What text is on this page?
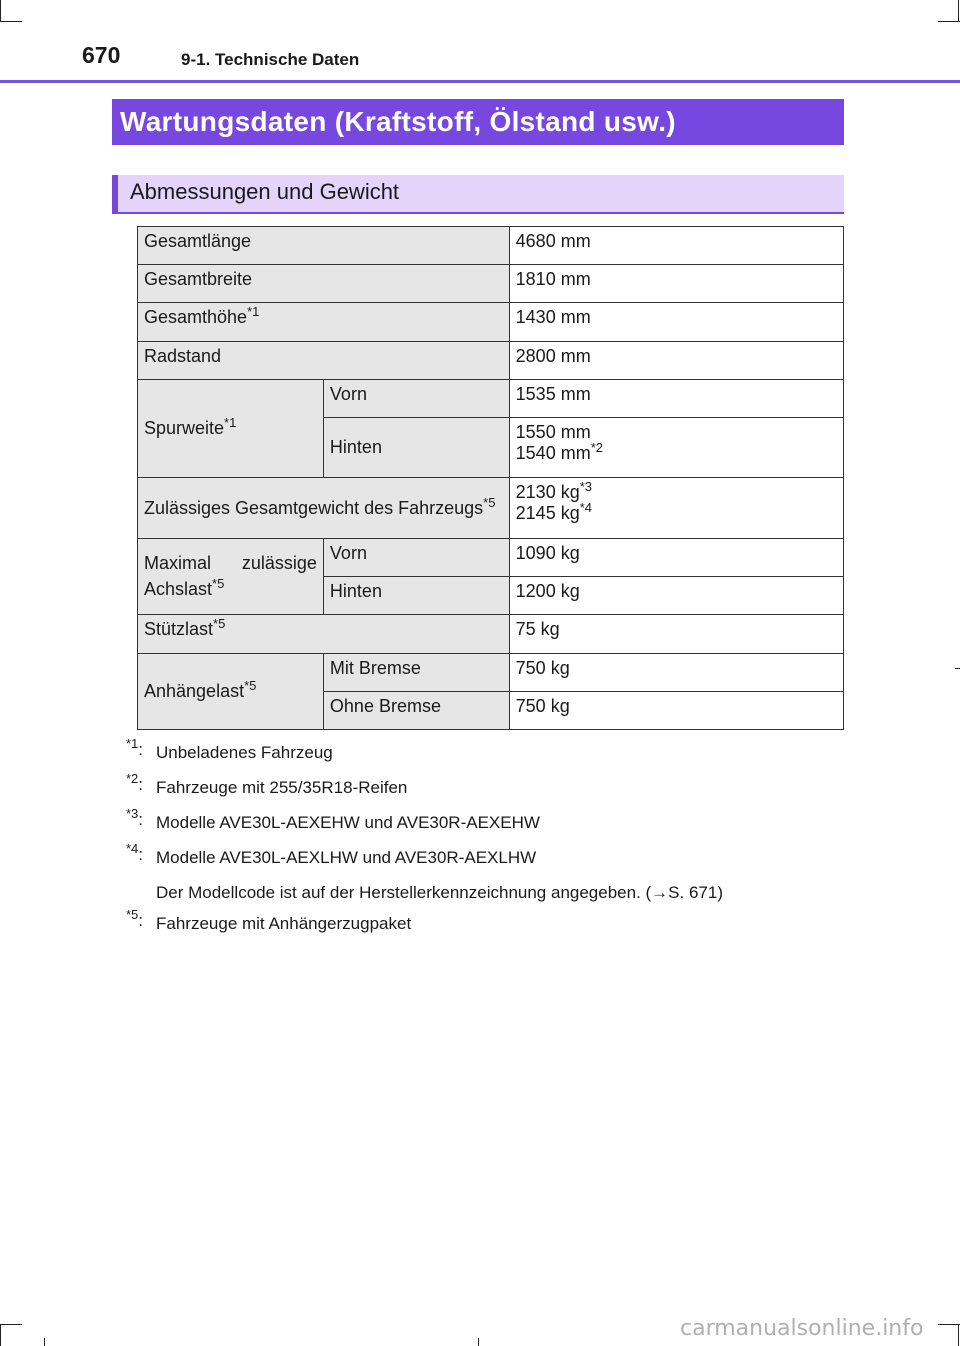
670	9-1. Technische Daten
Wartungsdaten (Kraftstoff, Ölstand usw.)
Abmessungen und Gewicht
Gesamtlänge		4680 mm
Gesamtbreite		1810 mm
Gesamthöhe$^{*1}$		1430 mm
Radstand		2800 mm
Spurweite$^{*1}$	Vorn	1535 mm
	Hinten	1550 mm
1540 $mm^{*2}$

Zulässiges Gesamtgewicht des Fahrzeugs$^{*5}$		2130 $kg^{*3}$
2145 $kg^{*4}$

Maximal zulässige
Achslast$^{*5}$	Vorn	1090 kg
	Hinten	1200 kg
Stützlast$^{*5}$		75 kg
Anhängelast$^{*5}$	Mit Bremse	750 kg
	Ohne Bremse	750 kg
$^{*1}$: Unbeladenes Fahrzeug
$^{*2}$: Fahrzeuge mit 255/35R18-Reifen
$^{*3}$: Modelle AVE30L-AEXEHW und AVE30R-AEXEHW
$^{*4}$: Modelle AVE30L-AEXLHW und AVE30R-AEXLHW
Der Modellcode ist auf der Herstellerkennzeichnung angegeben. (→S. 671)
$^{*5}$: Fahrzeuge mit Anhängerzugpaket
carmanualsonline.info
